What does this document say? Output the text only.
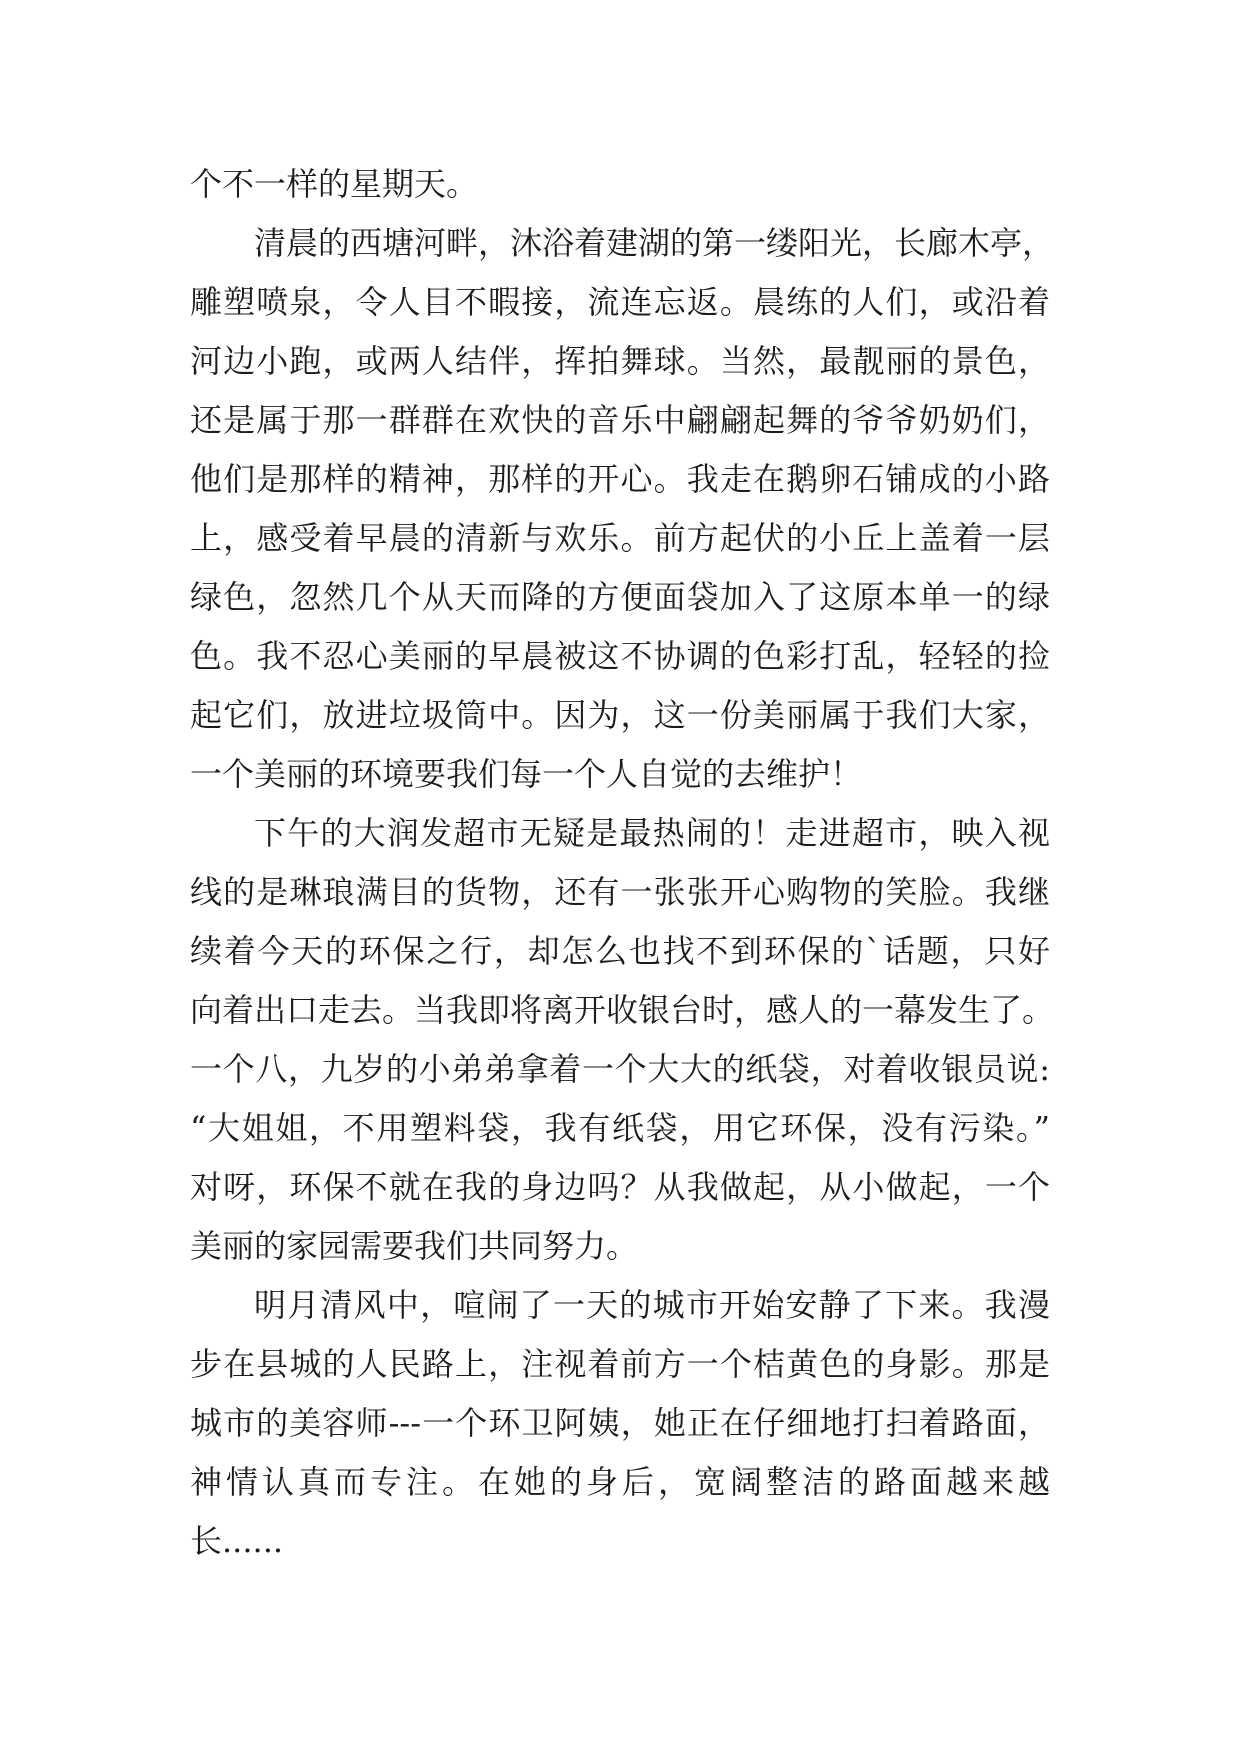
个不一样的星期天。
清晨的西塘河畔，沐浴着建湖的第一缕阳光，长廊木亭，
雕塑喷泉，令人目不暇接，流连忘返。晨练的人们，或沿着
河边小跑，或两人结伴，挥拍舞球。当然，最靓丽的景色，
还是属于那一群群在欢快的音乐中翩翩起舞的爷爷奶奶们，
他们是那样的精神，那样的开心。我走在鹅卵石铺成的小路
上，感受着早晨的清新与欢乐。前方起伏的小丘上盖着一层
绿色，忽然几个从天而降的方便面袋加入了这原本单一的绿
色。我不忍心美丽的早晨被这不协调的色彩打乱，轻轻的捡
起它们，放进垃圾筒中。因为，这一份美丽属于我们大家，
一个美丽的环境要我们每一个人自觉的去维护！
下午的大润发超市无疑是最热闹的！走进超市，映入视
线的是琳琅满目的货物，还有一张张开心购物的笑脸。我继
续着今天的环保之行，却怎么也找不到环保的`话题，只好
向着出口走去。当我即将离开收银台时，感人的一幕发生了。
一个八，九岁的小弟弟拿着一个大大的纸袋，对着收银员说:
“大姐姐，不用塑料袋，我有纸袋，用它环保，没有污染。”
对呀，环保不就在我的身边吗？从我做起，从小做起，一个
美丽的家园需要我们共同努力。
明月清风中，喧闹了一天的城市开始安静了下来。我漫
步在县城的人民路上，注视着前方一个桔黄色的身影。那是
城市的美容师---一个环卫阿姨，她正在仔细地打扫着路面，
神情认真而专注。在她的身后，宽阔整洁的路面越来越
长......
